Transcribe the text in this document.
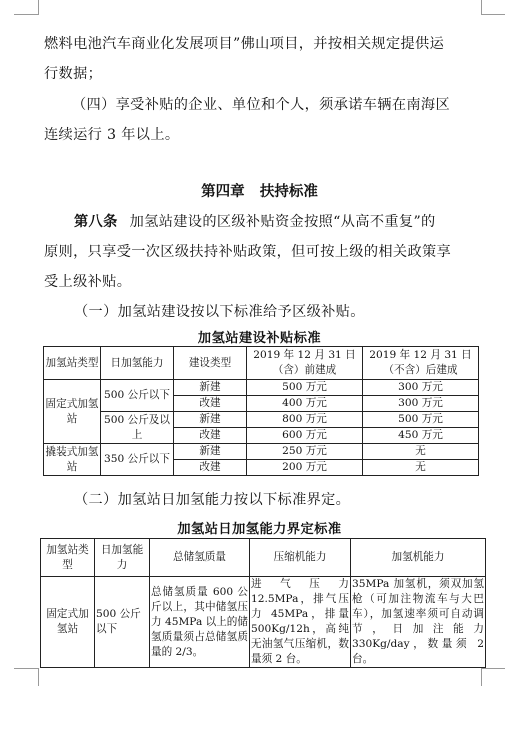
燃料电池汽车商业化发展项目”佛山项目，并按相关规定提供运
行数据；
（四）享受补贴的企业、单位和个人，须承诺车辆在南海区
连续运行 3 年以上。
第四章   扶持标准
第八条 加氢站建设的区级补贴资金按照“从高不重复”的
原则，只享受一次区级扶持补贴政策，但可按上级的相关政策享
受上级补贴。
（一）加氢站建设按以下标准给予区级补贴。
加氢站建设补贴标准
加氢站类型	日加氢能力	建设类型	2019 年 12 月 31 日（含）前建成	2019 年 12 月 31 日（不含）后建成
固定式加氢站	500 公斤以下	新建	500 万元	300 万元
		改建	400 万元	300 万元
	500 公斤及以上	新建	800 万元	500 万元
		改建	600 万元	450 万元
撬装式加氢站	350 公斤以下	新建	250 万元	无
		改建	200 万元	无
（二）加氢站日加氢能力按以下标准界定。
加氢站日加氢能力界定标准
加氢站类型	日加氢能力	总储氢质量	压缩机能力	加氢机能力
固定式加氢站	500 公斤以下	总储氢质量 600 公斤以上，其中储氢压力 45MPa 以上的储氢质量须占总储氢质量的 2/3。	进气压力 12.5MPa，排气压力 45MPa，排量 500Kg/12h，高纯无油氢气压缩机，数量须 2 台。	35MPa 加氢机，须双加氢枪（可加注物流车与大巴车），加氢速率须可自动调节，日加注能力330Kg/day，数量须 2 台。
